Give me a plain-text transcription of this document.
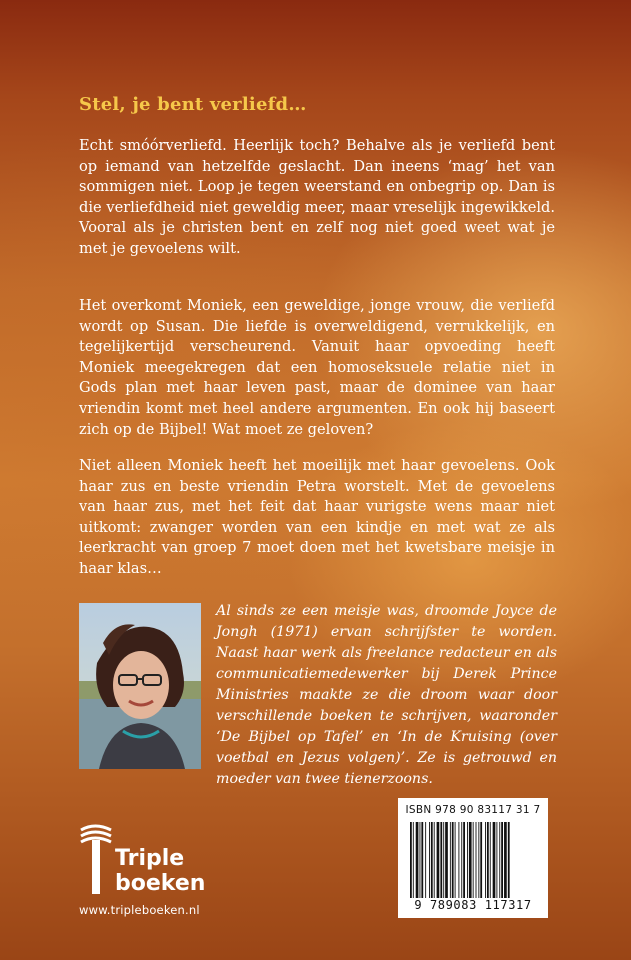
Stel, je bent verliefd…

Echt smóórverliefd. Heerlijk toch? Behalve als je verliefd bent op iemand van hetzelfde geslacht. Dan ineens ‘mag’ het van sommigen niet. Loop je tegen weerstand en onbegrip op. Dan is die verliefdheid niet geweldig meer, maar vreselijk ingewikkeld. Vooral als je christen bent en zelf nog niet goed weet wat je met je gevoelens wilt.

Het overkomt Moniek, een geweldige, jonge vrouw, die verliefd wordt op Susan. Die liefde is overweldigend, verrukkelijk, en tegelijkertijd verscheurend. Vanuit haar opvoeding heeft Moniek meegekregen dat een homoseksuele relatie niet in Gods plan met haar leven past, maar de dominee van haar vriendin komt met heel andere argumenten. En ook hij baseert zich op de Bijbel! Wat moet ze geloven?

Niet alleen Moniek heeft het moeilijk met haar gevoelens. Ook haar zus en beste vriendin Petra worstelt. Met de gevoelens van haar zus, met het feit dat haar vurigste wens maar niet uitkomt: zwanger worden van een kindje en met wat ze als leerkracht van groep 7 moet doen met het kwetsbare meisje in haar klas…

Al sinds ze een meisje was, droomde Joyce de Jongh (1971) ervan schrijfster te worden. Naast haar werk als freelance redacteur en als communicatiemedewerker bij Derek Prince Ministries maakte ze die droom waar door verschillende boeken te schrijven, waaronder ‘De Bijbel op Tafel’ en ‘In de Kruising (over voetbal en Jezus volgen)’. Ze is getrouwd en moeder van twee tienerzoons.

Triple

boeken

www.tripleboeken.nl

ISBN 978 90 83117 31 7

9 789083 117317
